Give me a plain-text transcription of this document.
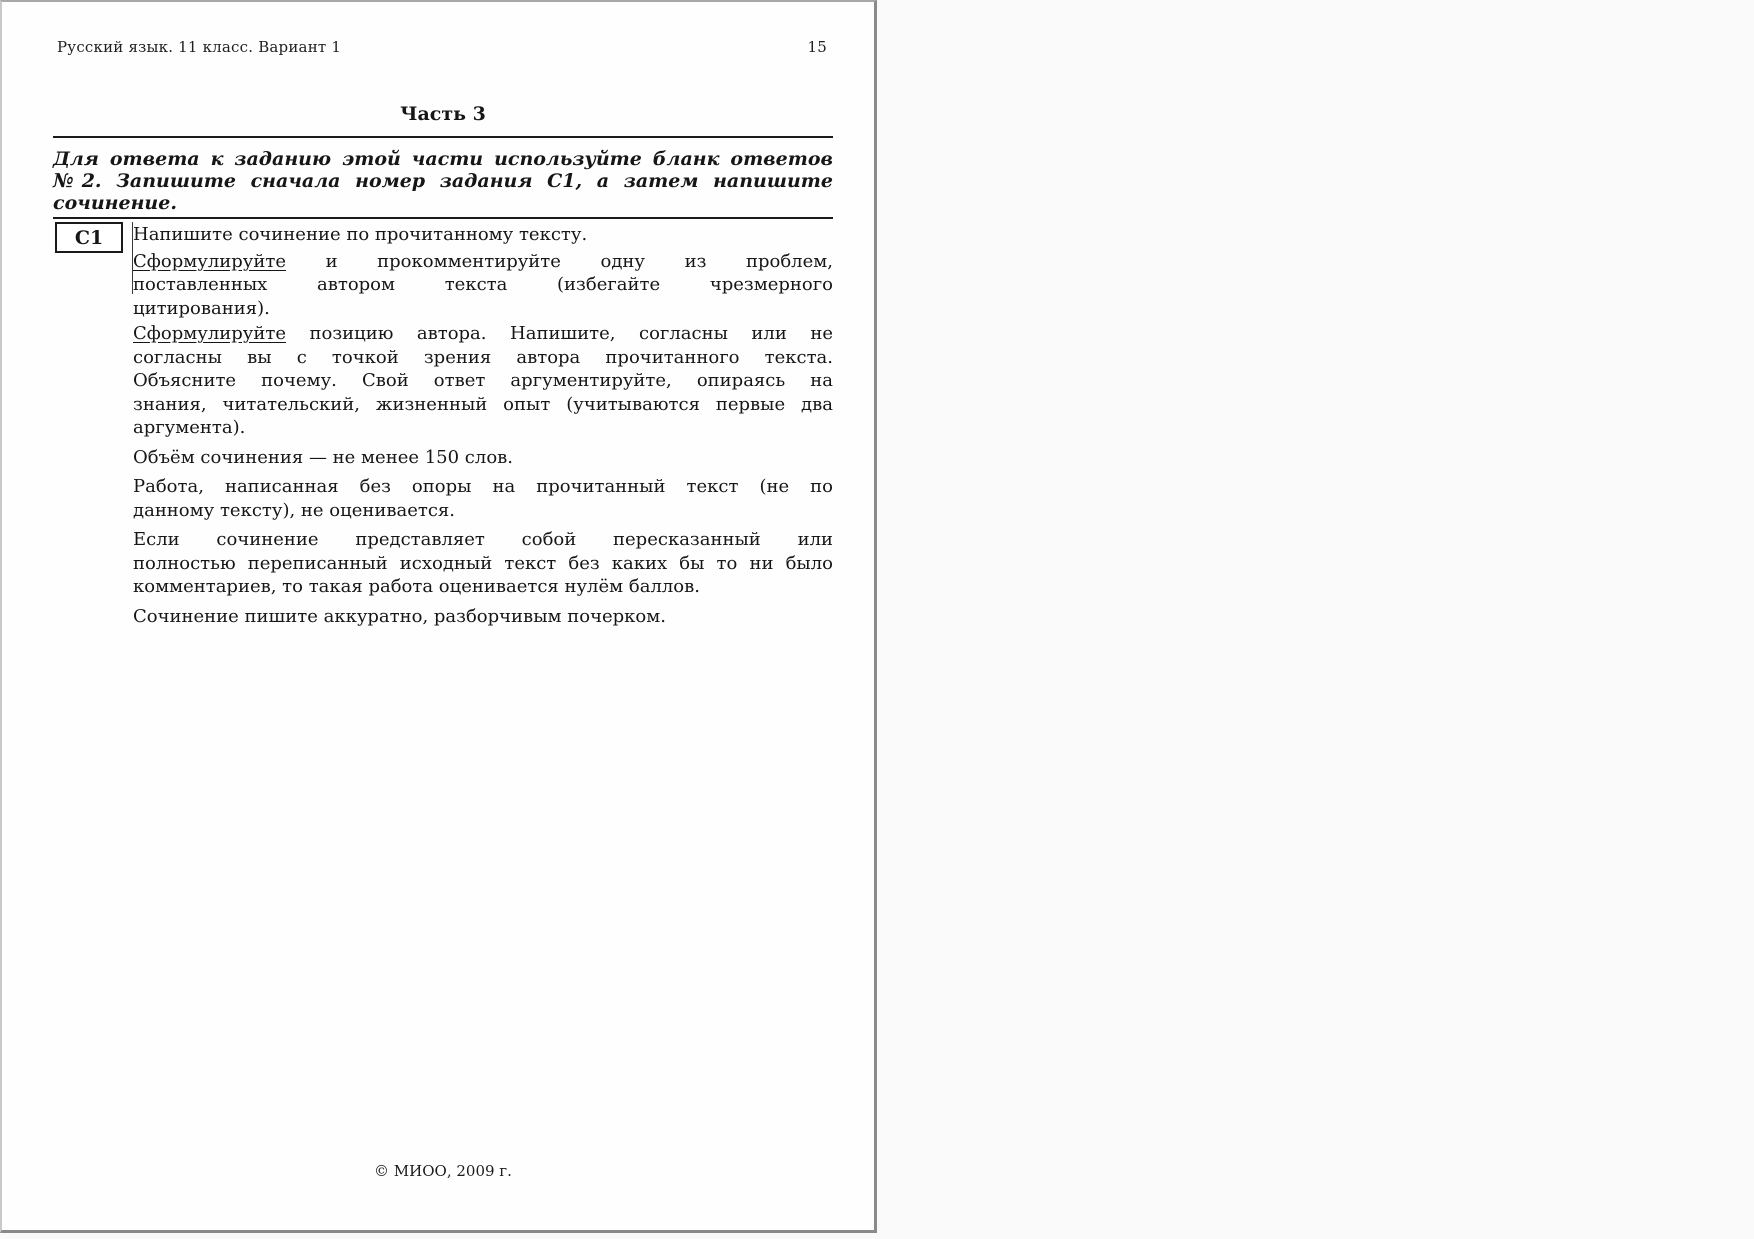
Русский язык. 11 класс. Вариант 1	15
Часть 3
Для ответа к заданию этой части используйте бланк ответов
№2. Запишите сначала номер задания С1, а затем напишите
сочинение.
С1 Напишите сочинение по прочитанному тексту.
Сформулируйте и прокомментируйте одну из проблем,
поставленных автором текста (избегайте чрезмерного
цитирования).
Сформулируйте позицию автора. Напишите, согласны или не
согласны вы с точкой зрения автора прочитанного текста.
Объясните почему. Свой ответ аргументируйте, опираясь на
знания, читательский, жизненный опыт (учитываются первые два
аргумента).
Объём сочинения — не менее 150 слов.
Работа, написанная без опоры на прочитанный текст (не по
данному тексту), не оценивается.
Если сочинение представляет собой пересказанный или
полностью переписанный исходный текст без каких бы то ни было
комментариев, то такая работа оценивается нулём баллов.
Сочинение пишите аккуратно, разборчивым почерком.
© МИОО, 2009 г.
